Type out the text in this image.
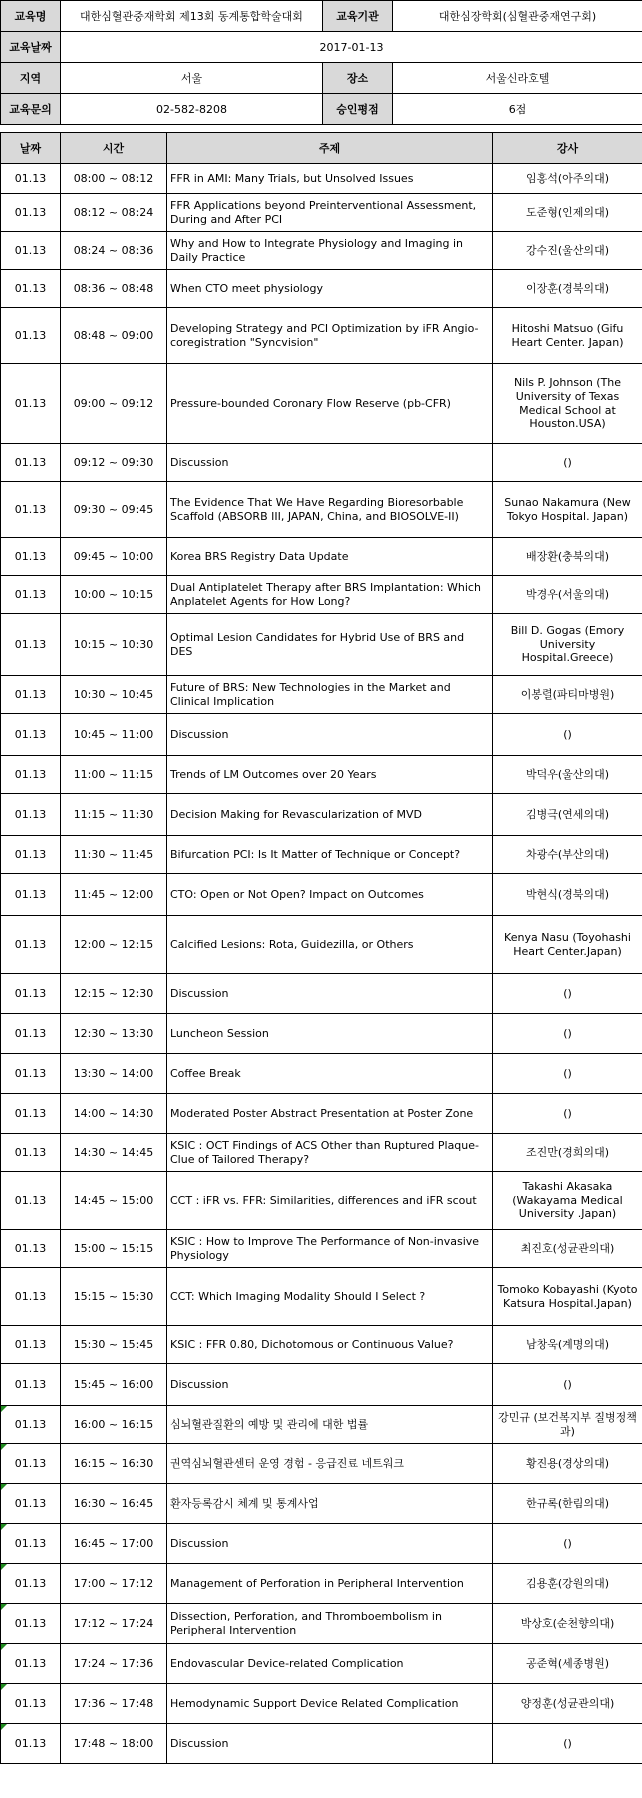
교육명	대한심혈관중재학회 제13회 동계통합학술대회	교육기관	대한심장학회(심혈관중재연구회)
교육날짜	2017-01-13		
지역	서울	장소	서울신라호텔
교육문의	02-582-8208	승인평점	6점
날짜	시간	주제	강사
01.13	08:00 ~ 08:12	FFR in AMI: Many Trials, but Unsolved Issues	임홍석(아주의대)
01.13	08:12 ~ 08:24	FFR Applications beyond Preinterventional Assessment, During and After PCI	도준형(인제의대)
01.13	08:24 ~ 08:36	Why and How to Integrate Physiology and Imaging in Daily Practice	강수진(울산의대)
01.13	08:36 ~ 08:48	When CTO meet physiology	이장훈(경북의대)
01.13	08:48 ~ 09:00	Developing Strategy and PCI Optimization by iFR Angio-coregistration "Syncvision"	Hitoshi Matsuo (Gifu Heart Center. Japan)
01.13	09:00 ~ 09:12	Pressure-bounded Coronary Flow Reserve (pb-CFR)	Nils P. Johnson (The University of Texas Medical School at Houston.USA)
01.13	09:12 ~ 09:30	Discussion	()
01.13	09:30 ~ 09:45	The Evidence That We Have Regarding Bioresorbable Scaffold (ABSORB III, JAPAN, China, and BIOSOLVE-II)	Sunao Nakamura (New Tokyo Hospital. Japan)
01.13	09:45 ~ 10:00	Korea BRS Registry Data Update	배장환(충북의대)
01.13	10:00 ~ 10:15	Dual Antiplatelet Therapy after BRS Implantation: Which Anplatelet Agents for How Long?	박경우(서울의대)
01.13	10:15 ~ 10:30	Optimal Lesion Candidates for Hybrid Use of BRS and DES	Bill D. Gogas (Emory University Hospital.Greece)
01.13	10:30 ~ 10:45	Future of BRS: New Technologies in the Market and Clinical Implication	이봉렬(파티마병원)
01.13	10:45 ~ 11:00	Discussion	()
01.13	11:00 ~ 11:15	Trends of LM Outcomes over 20 Years	박덕우(울산의대)
01.13	11:15 ~ 11:30	Decision Making for Revascularization of MVD	김병극(연세의대)
01.13	11:30 ~ 11:45	Bifurcation PCI: Is It Matter of Technique or Concept?	차광수(부산의대)
01.13	11:45 ~ 12:00	CTO: Open or Not Open? Impact on Outcomes	박현식(경북의대)
01.13	12:00 ~ 12:15	Calcified Lesions: Rota, Guidezilla, or Others	Kenya Nasu (Toyohashi Heart Center.Japan)
01.13	12:15 ~ 12:30	Discussion	()
01.13	12:30 ~ 13:30	Luncheon Session	()
01.13	13:30 ~ 14:00	Coffee Break	()
01.13	14:00 ~ 14:30	Moderated Poster Abstract Presentation at Poster Zone	()
01.13	14:30 ~ 14:45	KSIC : OCT Findings of ACS Other than Ruptured Plaque- Clue of Tailored Therapy?	조진만(경희의대)
01.13	14:45 ~ 15:00	CCT : iFR vs. FFR: Similarities, differences and iFR scout	Takashi Akasaka (Wakayama Medical University .Japan)
01.13	15:00 ~ 15:15	KSIC : How to Improve The Performance of Non-invasive Physiology	최진호(성균관의대)
01.13	15:15 ~ 15:30	CCT: Which Imaging Modality Should I Select ?	Tomoko Kobayashi (Kyoto Katsura Hospital.Japan)
01.13	15:30 ~ 15:45	KSIC : FFR 0.80, Dichotomous or Continuous Value?	남창욱(계명의대)
01.13	15:45 ~ 16:00	Discussion	()
01.13	16:00 ~ 16:15	심뇌혈관질환의 예방 및 관리에 대한 법률	강민규 (보건복지부 질병정책과)
01.13	16:15 ~ 16:30	권역심뇌혈관센터 운영 경험 - 응급진료 네트워크	황진용(경상의대)
01.13	16:30 ~ 16:45	환자등록감시 체계 및 통계사업	한규록(한림의대)
01.13	16:45 ~ 17:00	Discussion	()
01.13	17:00 ~ 17:12	Management of Perforation in Peripheral Intervention	김용훈(강원의대)
01.13	17:12 ~ 17:24	Dissection, Perforation, and Thromboembolism in Peripheral Intervention	박상호(순천향의대)
01.13	17:24 ~ 17:36	Endovascular Device-related Complication	공준혁(세종병원)
01.13	17:36 ~ 17:48	Hemodynamic Support Device Related Complication	양정훈(성균관의대)
01.13	17:48 ~ 18:00	Discussion	()
